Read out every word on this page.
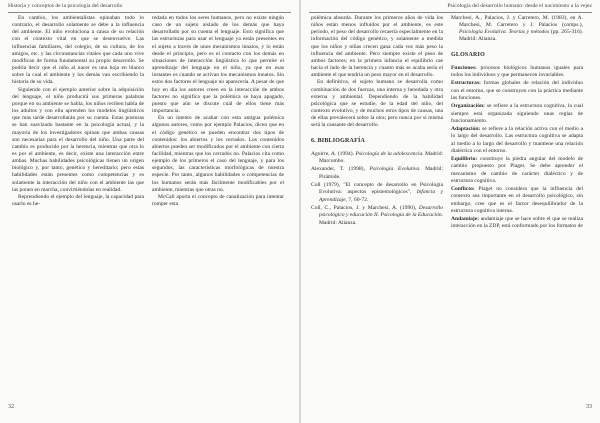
Historia y conceptos de la psicología del desarrollo

En cambio, los ambientalistas opinaban todo lo contrario, el desarrollo solamente se debe a la influencia del ambiente. El niño evoluciona a causa de su relación con el contexto vital en que se desenvuelve. Las influencias familiares, del colegio, de su cultura, de los amigos, etc. y las circunstancias vitales que cada uno vive modifican de forma fundamental su propio desarrollo. Se podría decir que el niño al nacer es una hoja en blanco sobre la cual el ambiente y los demás van escribiendo la historia de su vida.

Siguiendo con el ejemplo anterior sobre la adquisición del lenguaje, el niño producirá sus primeras palabras porque en su ambiente se habla, los niños reciben habla de los adultos y con ella aprenden los modelos lingüísticos que más tarde desarrollarán por su cuenta. Estas posturas se han suavizado bastante en la psicología actual, y la mayoría de los investigadores opinan que ambas causas son necesarias para el desarrollo del niño. Una parte del cambio es producido por la herencia, mientras que otra lo es por el ambiente, es decir, existe una interacción entre ambas. Muchas habilidades psicológicas tienen un origen biológico y, por tanto, genético y hereditario; pero estas habilidades están presentes como competencias y es solamente la interacción del niño con el ambiente las que las ponen en marcha, convirtiéndolas en realidad.

Reprendiendo el ejemplo del lenguaje, la capacidad para usarlo es he-

redada en todos los seres humanos, pero no existe ningún caso de un sujeto aislado de los demás que haya desarrollado por su cuenta el lenguaje. Esto significa que las estructuras para usar el lenguaje ya están presentes en el sujeto a través de unos mecanismos innatos, y lo están desde el principio, pero es el contacto con los demás en situaciones de interacción lingüística lo que permite el aprendizaje del lenguaje en el niño, ya que en esas instantes es cuando se activan los mecanismos innatos. Sin estos dos factores el lenguaje no aparecería. A pesar de que hoy en día los autores creen en la interacción de ambos factores no significa que la polémica se haya apagado, puesto que aún se discute cuál de ellos tiene más importancia.

En un intento de acabar con esta antigua polémica algunos autores, como por ejemplo Palacios, dicen que en el código genético se pueden encontrar dos tipos de contenidos: los abiertos y los cerrados. Los contenidos abiertos pueden ser modificados por el ambiente con cierta facilidad, mientras que los cerrados no. Palacios cita como ejemplo de los primeros el caso del lenguaje, y para los segundos, las características morfológicas de nuestra especie. Por tanto, algunos habilidades o competencias de los humanos serán más fácilmente modificables por el ambiente, mientras que otras no.

McCall aporta el concepto de canalización para intentar romper esta

32
Psicología del desarrollo humano: desde el nacimiento a la vejez

polémica absurda. Durante los primeros años de vida los niños están menos influidos por el ambiente, es este período, el peso del desarrollo recaería especialmente en la información del código genético, y solamente a medida que los niños y niñas crecen gana cada vez más peso la influencia del ambiente. Pero siempre existe el peso de ambos factores; en la primera infancia el equilibrio cae hacia el lado de la herencia y cuanto más se acaba sería el ambiente el que tendría un peso mayor en el desarrollo.

En definitiva, el sujeto humano se desarrolla como combinación de dos fuerzas, una interna y heredada y otra externa y ambiental. Dependiendo de la habilidad psicológica que se estudie, de la edad del niño, del contexto evolutivo, y de muchos otros tipos de causas, una de ellas prevalecerá sobre la otra; pero nunca por sí misma será la causante del desarrollo.

6. BIBLIOGRAFÍA

Aguirre, A. (1994). Psicología de la adolescencia. Madrid: Marcombo.

Alexander, T. (1998), Psicología Evolutiva. Madrid: Pirámide.

Coll (1979), "El concepto de desarrollo en Psicología Evolutiva: aspectos epistemológicos", Infancia y Aprendizaje, 7, 60-72.

Coll, C., Palacios, J. y Marchesi, A. (1990), Desarrollo psicológico y educación II. Psicología de la Educación. Madrid: Alianza.

Marchesi, A., Palacios, J. y Carretero, M. (1983), en A. Marchesi, M. Carretero y J. Palacios (comps.), Psicología Evolutiva. Teorías y métodos (pp. 265-316). Madrid: Alianza.

GLOSARIO

Funciones: procesos biológicos humanos iguales para todos los individuos y que permanecen invariables.

Estructuras: formas globales de relación del individuo con el entorno, que se construyen con la práctica mediante las funciones.

Organización: se refiere a la estructura cognitiva, la cual siempre está organizada siguiendo unas reglas de funcionamiento.

Adaptación: se refiere a la relación activa con el medio a lo largo del desarrollo. Las estructura cognitiva se adapta al medio a lo largo del desarrollo y mantiene una relación dialéctica con el entorno.

Equilibrio: constituye la piedra angular del modelo de cambio propuesto por Piaget. Se debe aprender el mecanismo de cambio de carácter dialéctico y de estructura cognitiva.

Conflicto: Piaget no considera que la influencia del contexto sea importante en el desarrollo psicológico, sin embargo, cree que es el factor desequilibrador de la estructura cognitiva interna.

Andamiaje: andamiaje que se hace sobre el que se realiza interacción en la ZDP, está conformado por los formatos de

33
